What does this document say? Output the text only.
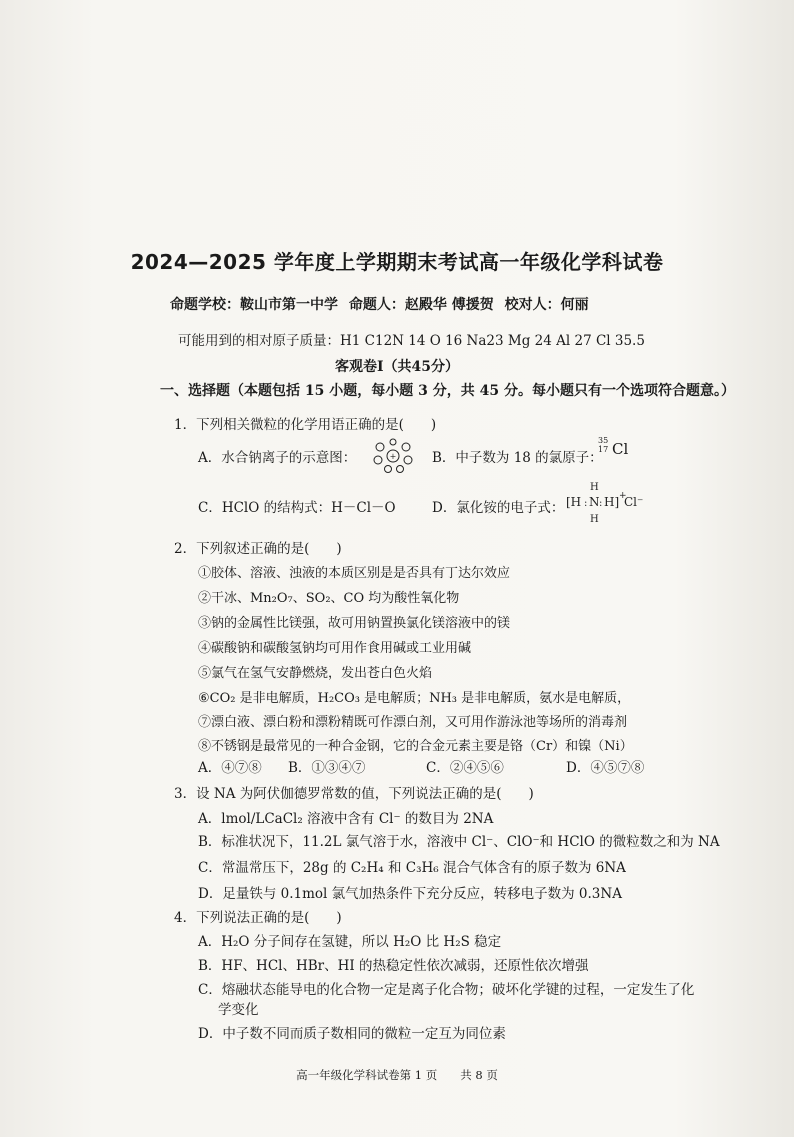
2024—2025 学年度上学期期末考试高一年级化学科试卷
命题学校：鞍山市第一中学 命题人：赵殿华 傅援贺 校对人：何丽
可能用到的相对原子质量：H1 C12N 14 O 16 Na23 Mg 24 Al 27 Cl 35.5
客观卷Ⅰ（共45分）
一、选择题（本题包括 15 小题，每小题 3 分，共 45 分。每小题只有一个选项符合题意。）
1．下列相关微粒的化学用语正确的是(　　)
A．水合钠离子的示意图：	+	B．中子数为 18 的氯原子：
35
17 Cl
C．HClO 的结构式：H－Cl－O	D．氯化铵的电子式： [H : N : H]
H
H
+
Cl⁻
2．下列叙述正确的是(　　)
①胶体、溶液、浊液的本质区别是是否具有丁达尔效应
②干冰、Mn₂O₇、SO₂、CO 均为酸性氧化物
③钠的金属性比镁强，故可用钠置换氯化镁溶液中的镁
④碳酸钠和碳酸氢钠均可用作食用碱或工业用碱
⑤氯气在氢气安静燃烧，发出苍白色火焰
⑥CO₂ 是非电解质，H₂CO₃ 是电解质；NH₃ 是非电解质，氨水是电解质，
⑦漂白液、漂白粉和漂粉精既可作漂白剂，又可用作游泳池等场所的消毒剂
⑧不锈钢是最常见的一种合金钢，它的合金元素主要是铬（Cr）和镍（Ni）
A．④⑦⑧ B．①③④⑦	C．②④⑤⑥	D．④⑤⑦⑧
3．设 NA 为阿伏伽德罗常数的值，下列说法正确的是(　　)
A．lmol/LCaCl₂ 溶液中含有 Cl⁻ 的数目为 2NA
B．标准状况下，11.2L 氯气溶于水，溶液中 Cl⁻、ClO⁻和 HClO 的微粒数之和为 NA
C．常温常压下，28g 的 C₂H₄ 和 C₃H₆ 混合气体含有的原子数为 6NA
D．足量铁与 0.1mol 氯气加热条件下充分反应，转移电子数为 0.3NA
4．下列说法正确的是(　　)
A．H₂O 分子间存在氢键，所以 H₂O 比 H₂S 稳定
B．HF、HCl、HBr、HI 的热稳定性依次减弱，还原性依次增强
C．熔融状态能导电的化合物一定是离子化合物；破坏化学键的过程，一定发生了化
学变化
D．中子数不同而质子数相同的微粒一定互为同位素
高一年级化学科试卷第 1 页　　共 8 页
